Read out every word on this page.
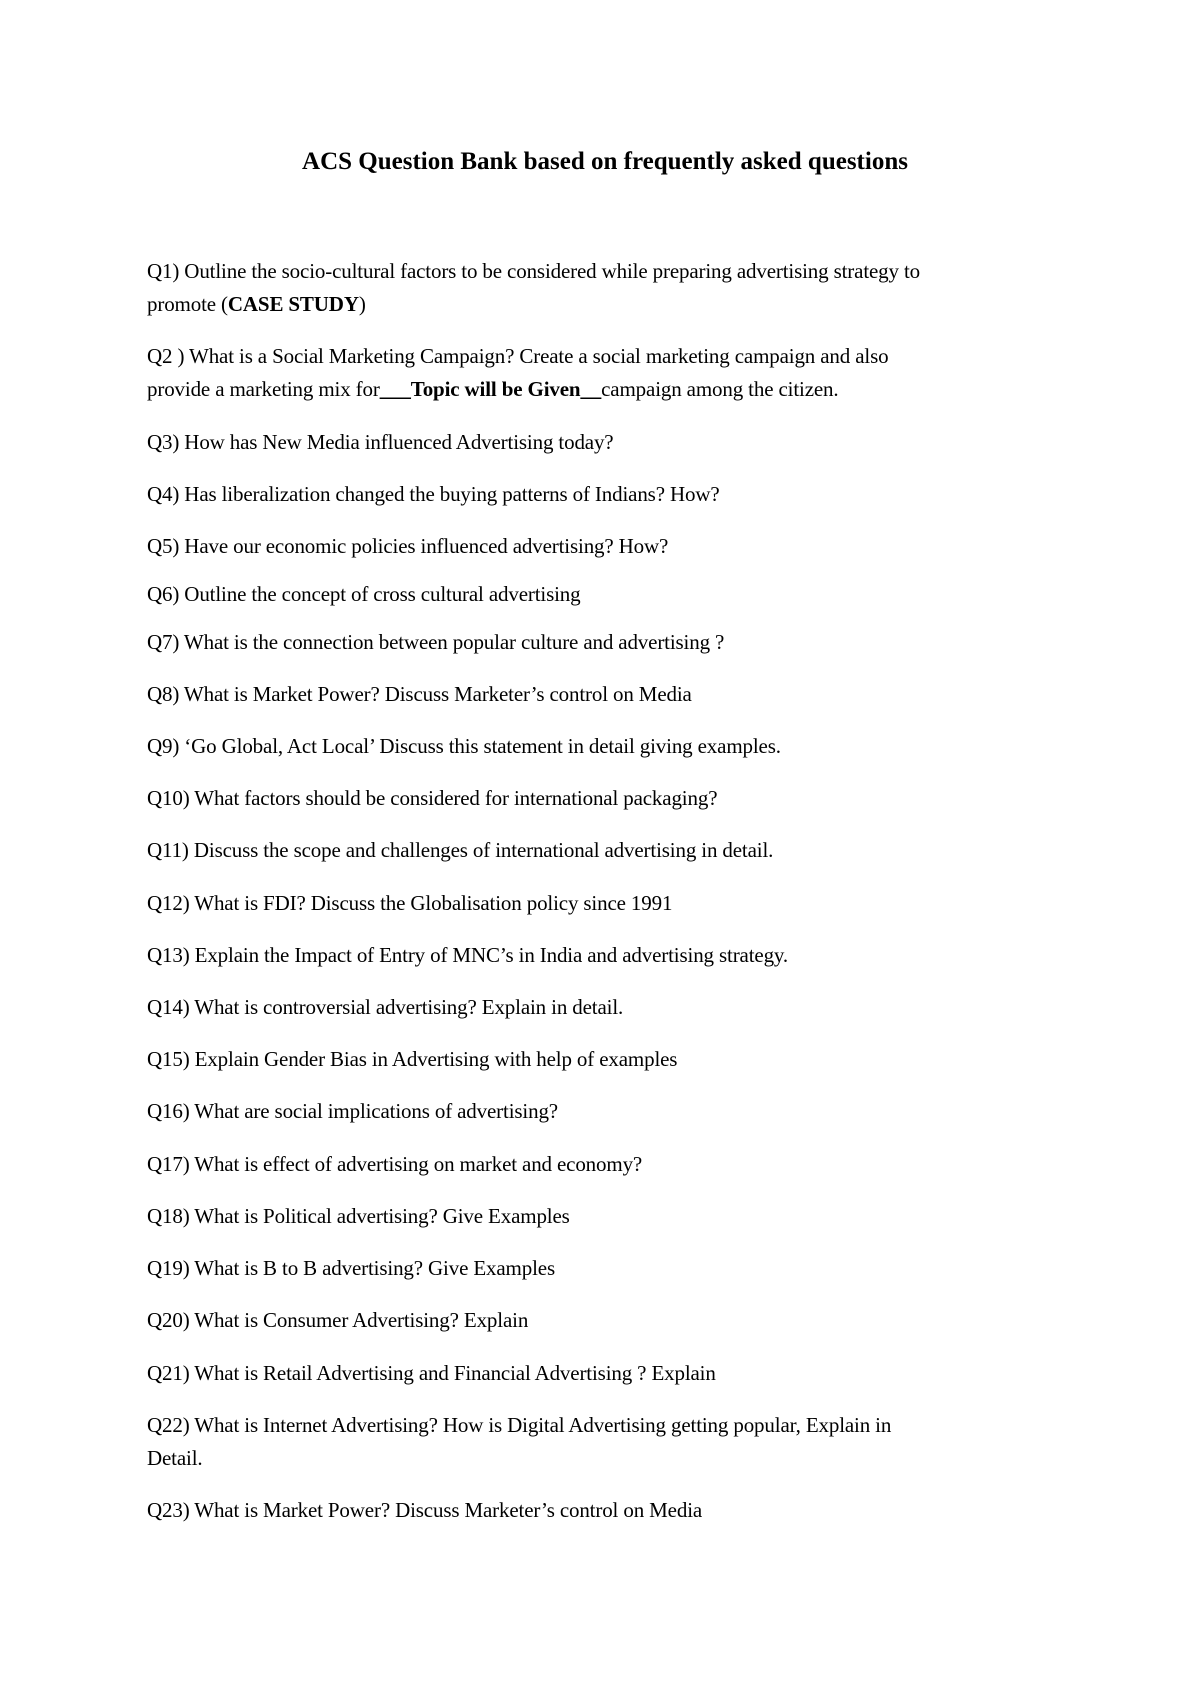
ACS Question Bank based on frequently asked questions
Q1) Outline the socio-cultural factors to be considered while preparing advertising strategy to
promote (CASE STUDY)
Q2 ) What is a Social Marketing Campaign? Create a social marketing campaign and also
provide a marketing mix for___Topic will be Given__campaign among the citizen.
Q3) How has New Media influenced Advertising today?
Q4) Has liberalization changed the buying patterns of Indians? How?
Q5) Have our economic policies influenced advertising? How?
Q6) Outline the concept of cross cultural advertising
Q7) What is the connection between popular culture and advertising ?
Q8) What is Market Power? Discuss Marketer’s control on Media
Q9) ‘Go Global, Act Local’ Discuss this statement in detail giving examples.
Q10) What factors should be considered for international packaging?
Q11) Discuss the scope and challenges of international advertising in detail.
Q12) What is FDI? Discuss the Globalisation policy since 1991
Q13) Explain the Impact of Entry of MNC’s in India and advertising strategy.
Q14) What is controversial advertising? Explain in detail.
Q15) Explain Gender Bias in Advertising with help of examples
Q16) What are social implications of advertising?
Q17) What is effect of advertising on market and economy?
Q18) What is Political advertising? Give Examples
Q19) What is B to B advertising? Give Examples
Q20) What is Consumer Advertising? Explain
Q21) What is Retail Advertising and Financial Advertising ? Explain
Q22) What is Internet Advertising? How is Digital Advertising getting popular, Explain in
Detail.
Q23) What is Market Power? Discuss Marketer’s control on Media
